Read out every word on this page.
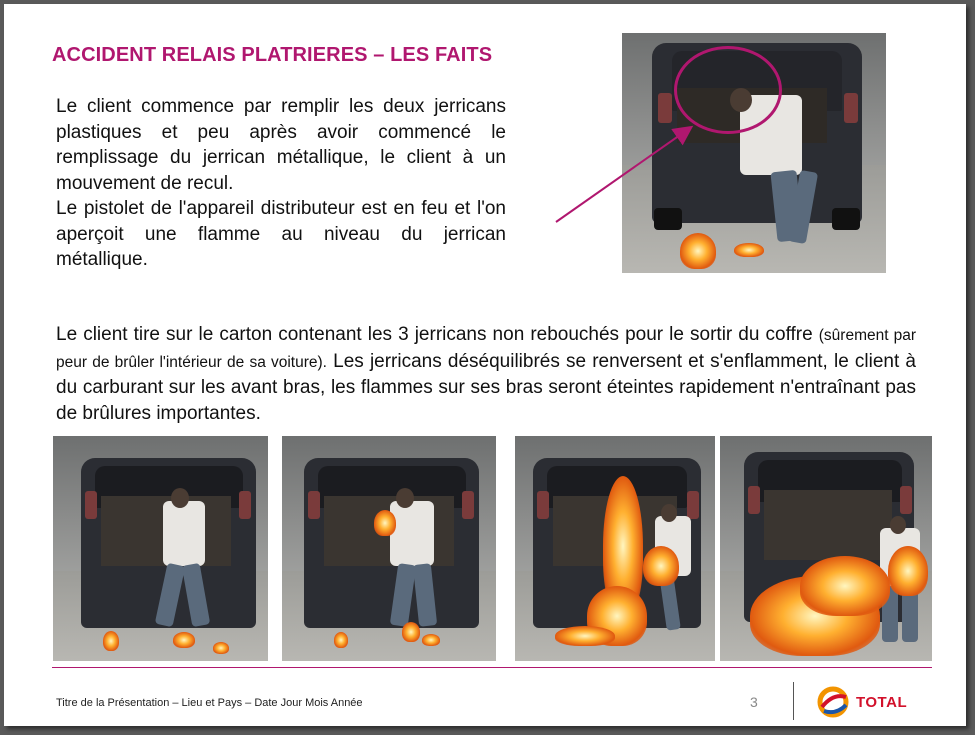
ACCIDENT RELAIS PLATRIERES – LES FAITS

Le client commence par remplir les deux jerricans plastiques et peu après avoir commencé le remplissage du jerrican métallique, le client à un mouvement de recul.

Le pistolet de l'appareil distributeur est en feu et l'on aperçoit une flamme au niveau du jerrican métallique.

Le client tire sur le carton contenant les 3 jerricans non rebouchés pour le sortir du coffre (sûrement par peur de brûler l'intérieur de sa voiture). Les jerricans déséquilibrés se renversent et s'enflamment, le client à du carburant sur les avant bras, les flammes sur ses bras seront éteintes rapidement n'entraînant pas de brûlures importantes.
Titre de la Présentation – Lieu et Pays – Date Jour Mois Année	3	TOTAL
